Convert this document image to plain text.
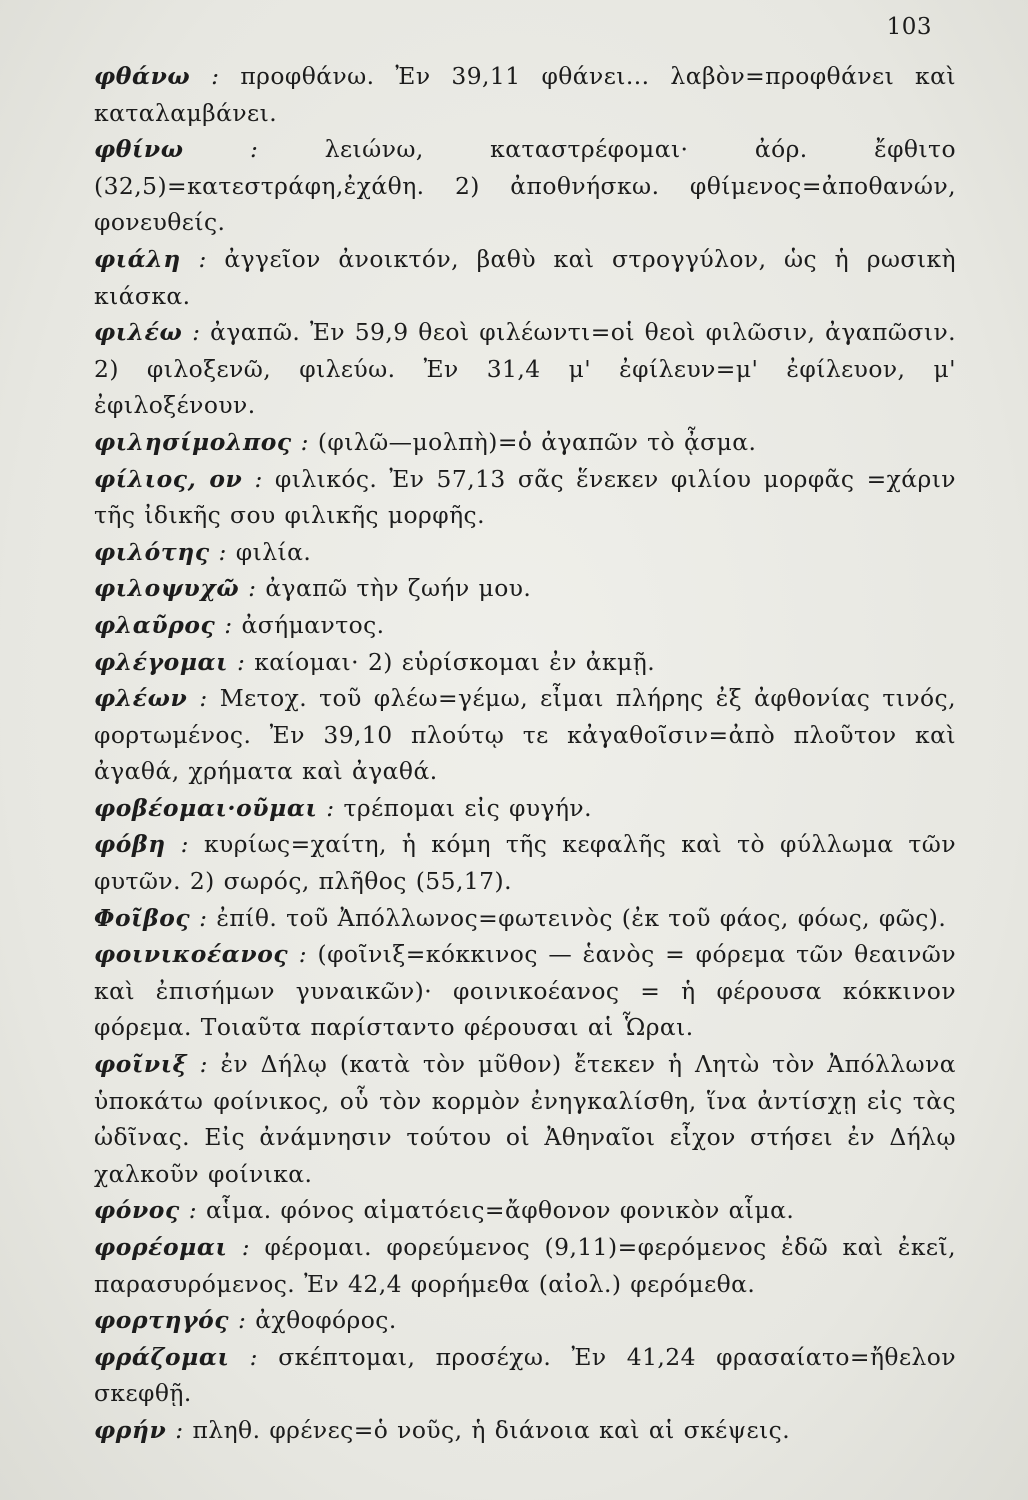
103

φθάνω : προφθάνω. Ἐν 39,11 φθάνει... λαβὸν=προφθάνει καὶ καταλαμβάνει.

φθίνω : λειώνω, καταστρέφομαι· ἀόρ. ἔφθιτο (32,5)=κατεστράφη,ἐχάθη. 2) ἀποθνήσκω. φθίμενος=ἀποθανών, φονευθείς.

φιάλη : ἀγγεῖον ἀνοικτόν, βαθὺ καὶ στρογγύλον, ὡς ἡ ρωσικὴ κιάσκα.

φιλέω : ἀγαπῶ. Ἐν 59,9 θεοὶ φιλέωντι=οἱ θεοὶ φιλῶσιν, ἀγαπῶσιν. 2) φιλοξενῶ, φιλεύω. Ἐν 31,4 μ' ἐφίλευν=μ' ἐφίλευον, μ' ἐφιλοξένουν.

φιλησίμολπος : (φιλῶ—μολπὴ)=ὁ ἀγαπῶν τὸ ᾆσμα.

φίλιος, ον : φιλικός. Ἐν 57,13 σᾶς ἕνεκεν φιλίου μορφᾶς =χάριν τῆς ἰδικῆς σου φιλικῆς μορφῆς.

φιλότης : φιλία.

φιλοψυχῶ : ἀγαπῶ τὴν ζωήν μου.

φλαῦρος : ἀσήμαντος.

φλέγομαι : καίομαι· 2) εὑρίσκομαι ἐν ἀκμῇ.

φλέων : Μετοχ. τοῦ φλέω=γέμω, εἶμαι πλήρης ἐξ ἀφθονίας τινός, φορτωμένος. Ἐν 39,10 πλούτῳ τε κἀγαθοῖσιν=ἀπὸ πλοῦτον καὶ ἀγαθά, χρήματα καὶ ἀγαθά.

φοβέομαι·οῦμαι : τρέπομαι εἰς φυγήν.

φόβη : κυρίως=χαίτη, ἡ κόμη τῆς κεφαλῆς καὶ τὸ φύλλωμα τῶν φυτῶν. 2) σωρός, πλῆθος (55,17).

Φοῖβος : ἐπίθ. τοῦ Ἀπόλλωνος=φωτεινὸς (ἐκ τοῦ φάος, φόως, φῶς).

φοινικοέανος : (φοῖνιξ=κόκκινος — ἑανὸς = φόρεμα τῶν θεαινῶν καὶ ἐπισήμων γυναικῶν)· φοινικοέανος = ἡ φέρουσα κόκκινον φόρεμα. Τοιαῦτα παρίσταντο φέρουσαι αἱ Ὧραι.

φοῖνιξ : ἐν Δήλῳ (κατὰ τὸν μῦθον) ἔτεκεν ἡ Λητὼ τὸν Ἀπόλλωνα ὑποκάτω φοίνικος, οὗ τὸν κορμὸν ἐνηγκαλίσθη, ἵνα ἀντίσχῃ εἰς τὰς ὠδῖνας. Εἰς ἀνάμνησιν τούτου οἱ Ἀθηναῖοι εἶχον στήσει ἐν Δήλῳ χαλκοῦν φοίνικα.

φόνος : αἷμα. φόνος αἱματόεις=ἄφθονον φονικὸν αἷμα.

φορέομαι : φέρομαι. φορεύμενος (9,11)=φερόμενος ἐδῶ καὶ ἐκεῖ, παρασυρόμενος. Ἐν 42,4 φορήμεθα (αἰολ.) φερόμεθα.

φορτηγός : ἀχθοφόρος.

φράζομαι : σκέπτομαι, προσέχω. Ἐν 41,24 φρασαίατο=ἤθελον σκεφθῇ.

φρήν : πληθ. φρένες=ὁ νοῦς, ἡ διάνοια καὶ αἱ σκέψεις.
